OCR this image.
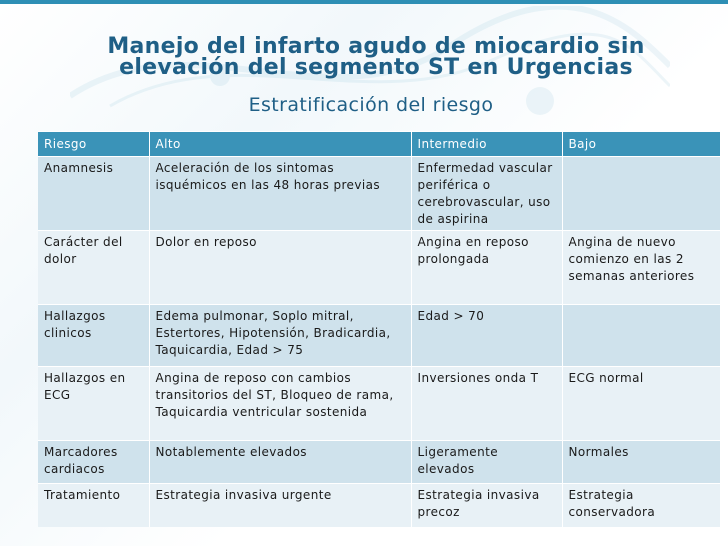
Manejo del infarto agudo de miocardio sin elevación del segmento ST en Urgencias
Estratificación del riesgo
Riesgo	Alto	Intermedio	Bajo
Anamnesis	Aceleración de los sintomas isquémicos en las 48 horas previas	Enfermedad vascular periférica o cerebrovascular, uso de aspirina	
Carácter del dolor	Dolor en reposo	Angina en reposo prolongada	Angina de nuevo comienzo en las 2 semanas anteriores
Hallazgos clinicos	Edema pulmonar, Soplo mitral, Estertores, Hipotensión, Bradicardia, Taquicardia, Edad > 75	Edad > 70	
Hallazgos en ECG	Angina de reposo con cambios transitorios del ST, Bloqueo de rama, Taquicardia ventricular sostenida	Inversiones onda T	ECG normal
Marcadores cardiacos	Notablemente elevados	Ligeramente elevados	Normales
Tratamiento	Estrategia invasiva urgente	Estrategia invasiva precoz	Estrategia conservadora
